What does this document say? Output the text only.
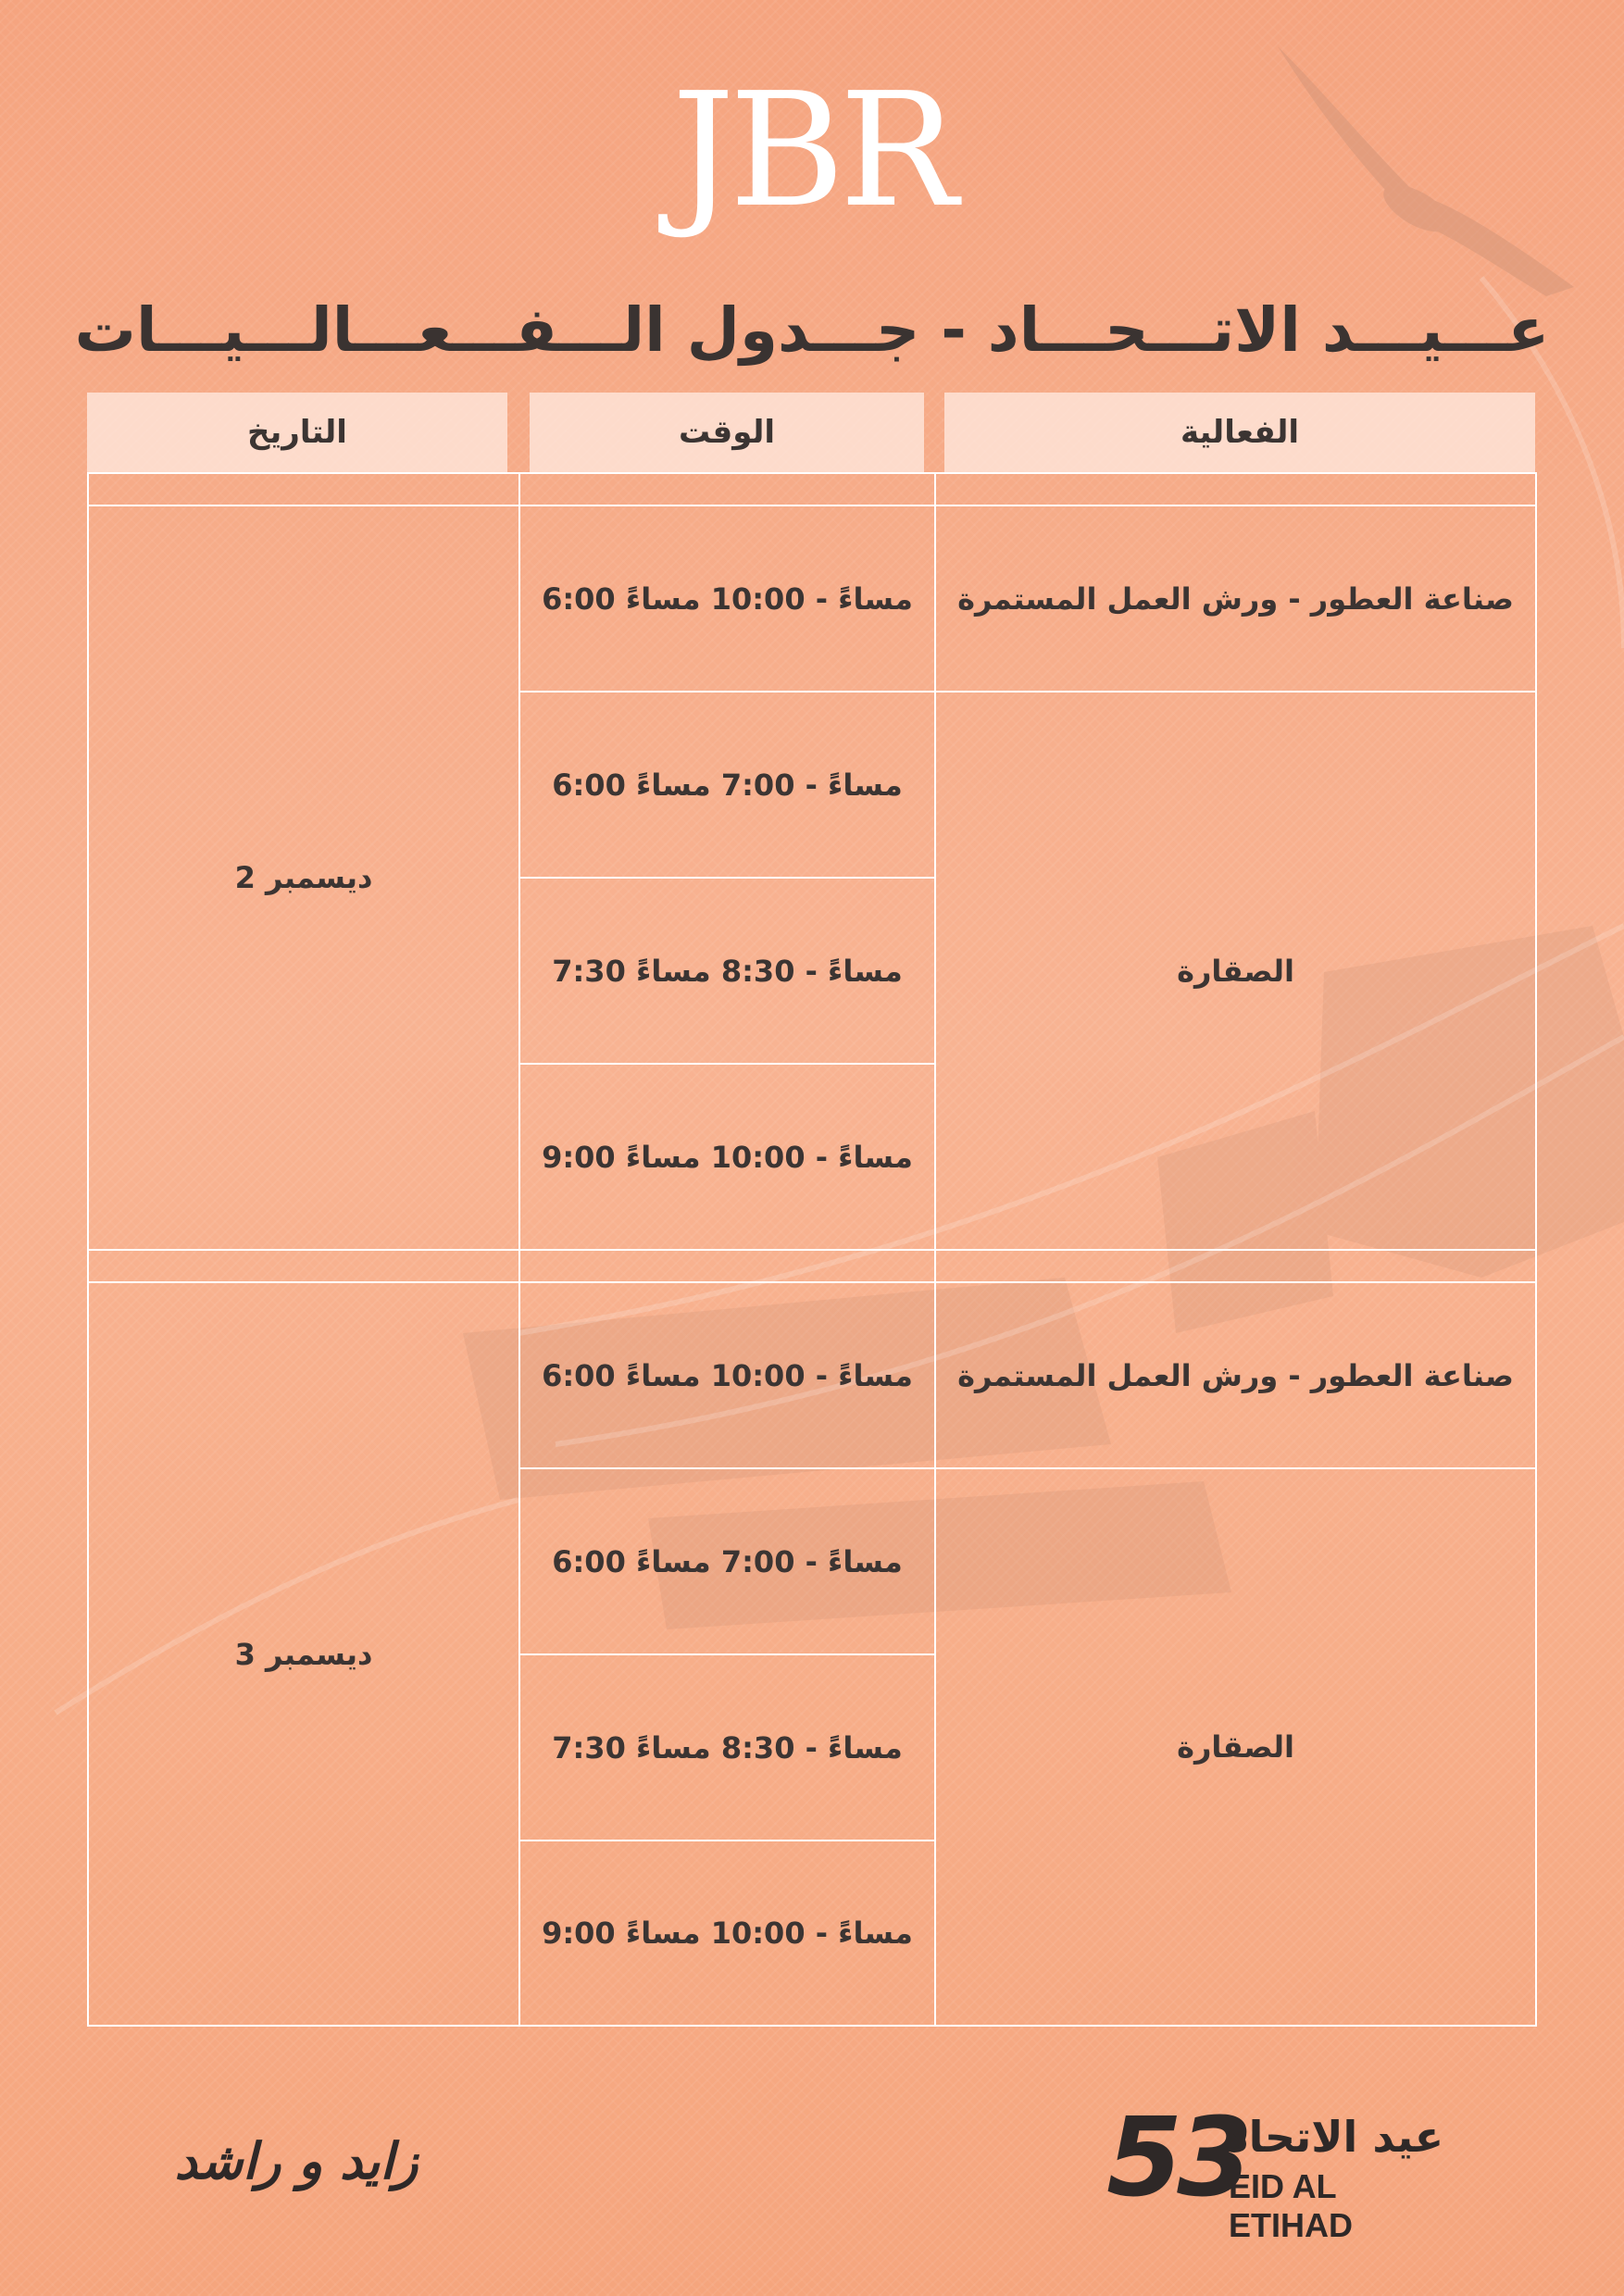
JBR
عـــيـــد الاتـــحـــاد - جـــدول الـــفـــعـــالـــيـــات
الفعالية
الوقت
التاريخ
2 ديسمبر
صناعة العطور - ورش العمل المستمرة
الصقارة
6:00 مساءً - 10:00 مساءً
6:00 مساءً - 7:00 مساءً
7:30 مساءً - 8:30 مساءً
9:00 مساءً - 10:00 مساءً
3 ديسمبر
صناعة العطور - ورش العمل المستمرة
الصقارة
6:00 مساءً - 10:00 مساءً
6:00 مساءً - 7:00 مساءً
7:30 مساءً - 8:30 مساءً
9:00 مساءً - 10:00 مساءً
زايد و راشد	53
عيد الاتحاد
EID AL ETIHAD
